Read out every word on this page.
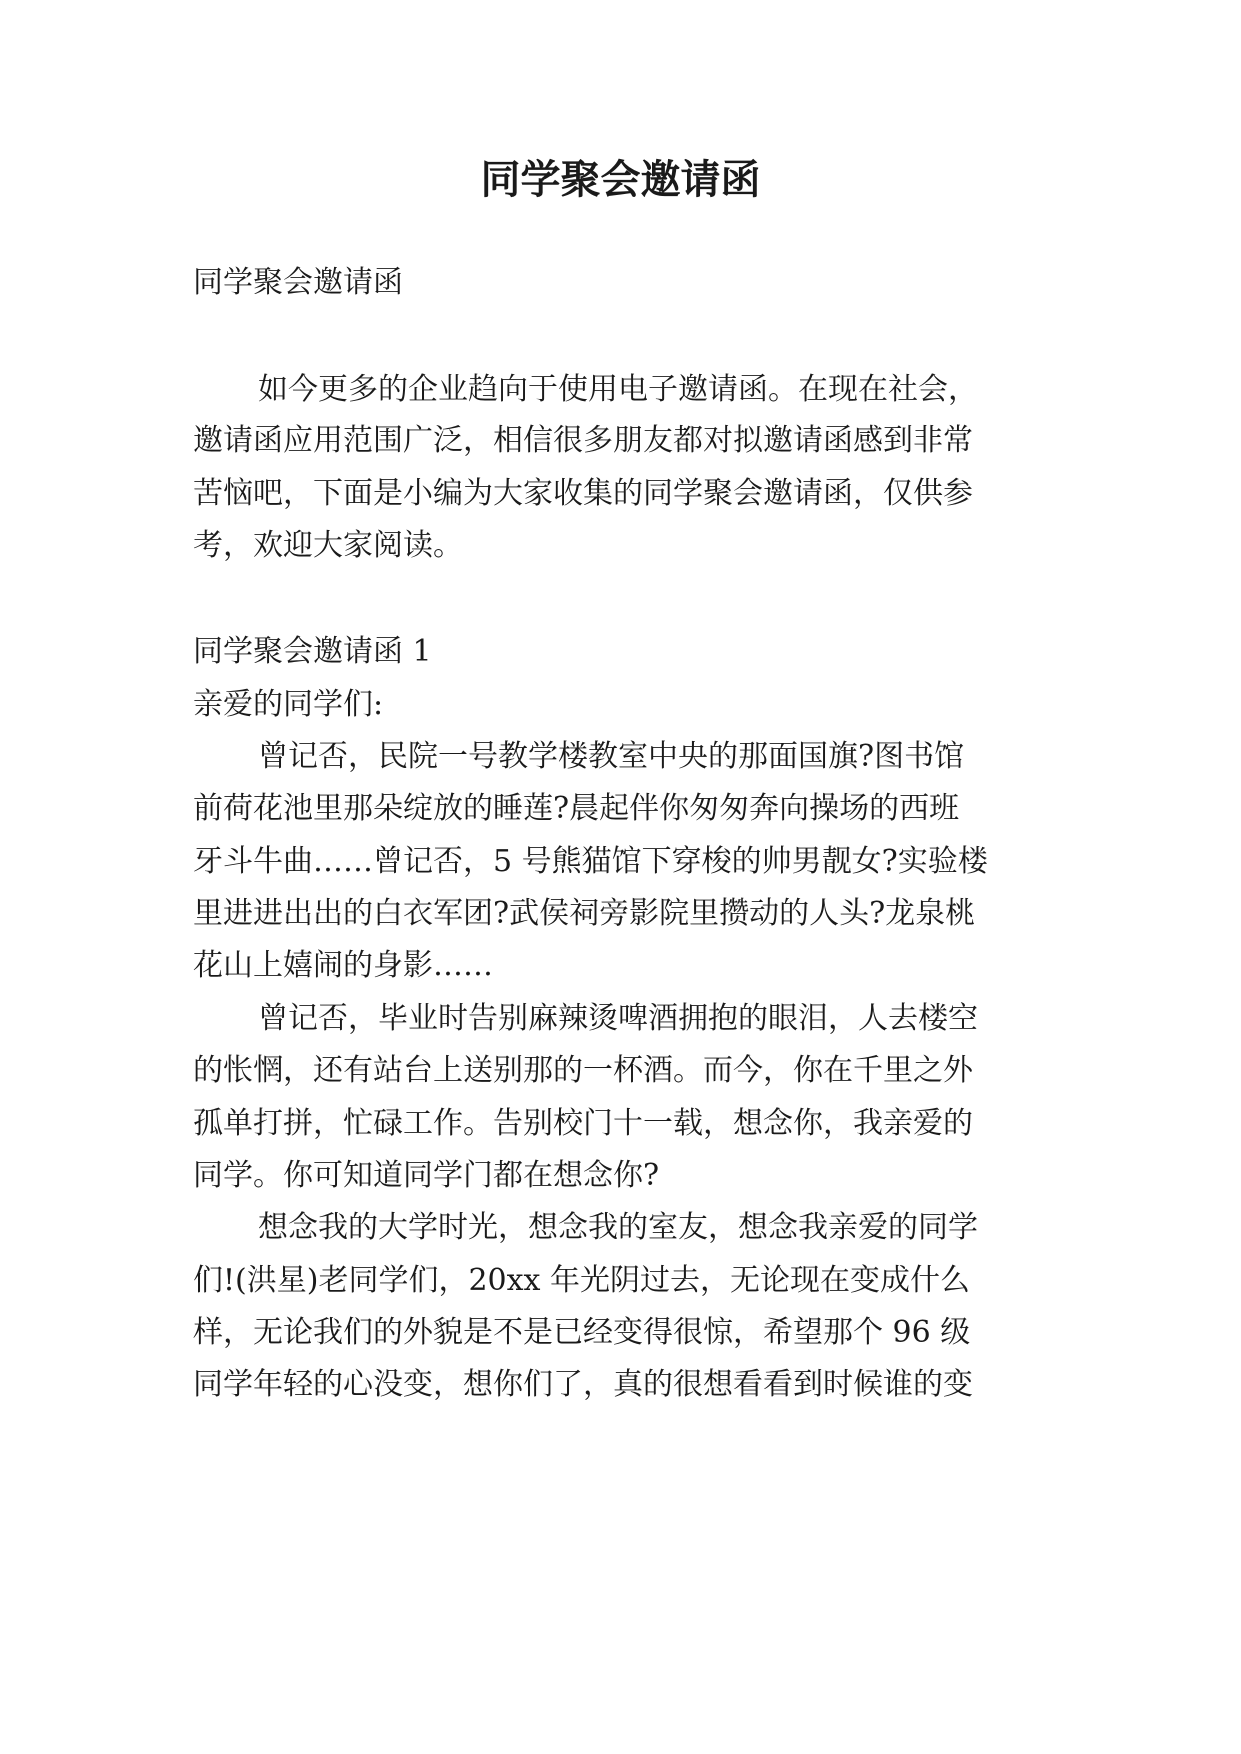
同学聚会邀请函

同学聚会邀请函

如今更多的企业趋向于使用电子邀请函。在现在社会，

邀请函应用范围广泛，相信很多朋友都对拟邀请函感到非常

苦恼吧，下面是小编为大家收集的同学聚会邀请函，仅供参

考，欢迎大家阅读。

同学聚会邀请函 1

亲爱的同学们:

曾记否，民院一号教学楼教室中央的那面国旗?图书馆

前荷花池里那朵绽放的睡莲?晨起伴你匆匆奔向操场的西班

牙斗牛曲……曾记否，5 号熊猫馆下穿梭的帅男靓女?实验楼

里进进出出的白衣军团?武侯祠旁影院里攒动的人头?龙泉桃

花山上嬉闹的身影……

曾记否，毕业时告别麻辣烫啤酒拥抱的眼泪，人去楼空

的怅惘，还有站台上送别那的一杯酒。而今，你在千里之外

孤单打拼，忙碌工作。告别校门十一载，想念你，我亲爱的

同学。你可知道同学门都在想念你?

想念我的大学时光，想念我的室友，想念我亲爱的同学

们!(洪星)老同学们，20xx 年光阴过去，无论现在变成什么

样，无论我们的外貌是不是已经变得很惊，希望那个 96 级

同学年轻的心没变，想你们了，真的很想看看到时候谁的变
